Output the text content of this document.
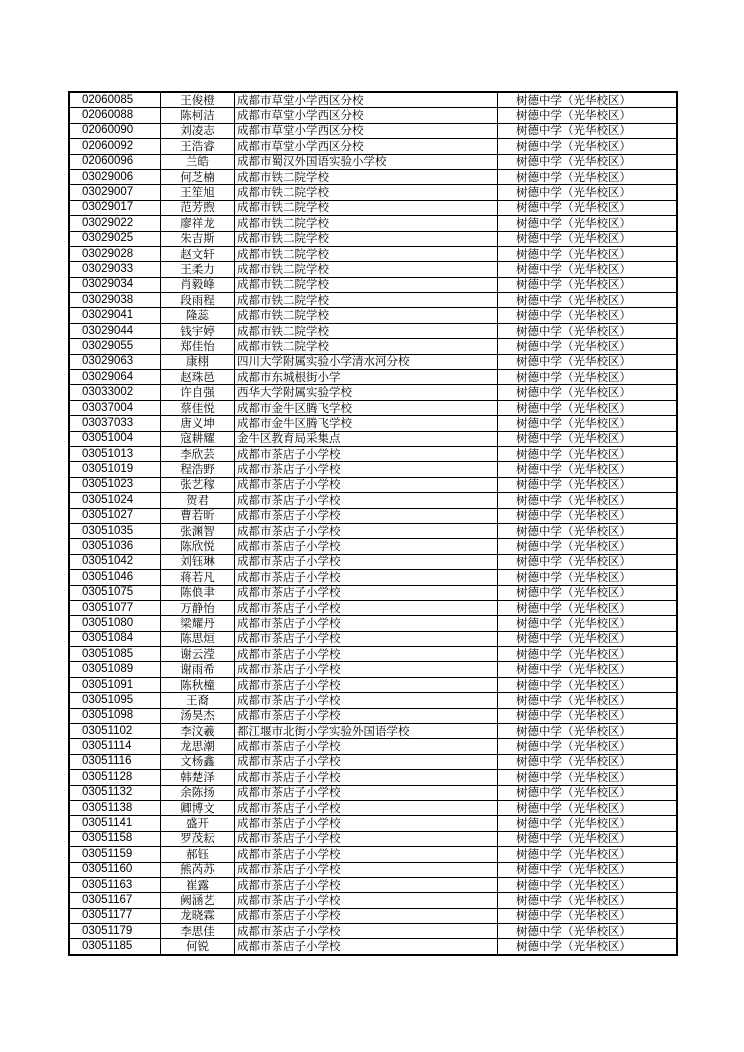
02060085	王俊橙	成都市草堂小学西区分校	树德中学（光华校区）
02060088	陈柯洁	成都市草堂小学西区分校	树德中学（光华校区）
02060090	刘凌志	成都市草堂小学西区分校	树德中学（光华校区）
02060092	王浩睿	成都市草堂小学西区分校	树德中学（光华校区）
02060096	兰皓	成都市蜀汉外国语实验小学校	树德中学（光华校区）
03029006	何芝楠	成都市铁二院学校	树德中学（光华校区）
03029007	王笙旭	成都市铁二院学校	树德中学（光华校区）
03029017	范芳煦	成都市铁二院学校	树德中学（光华校区）
03029022	廖祥龙	成都市铁二院学校	树德中学（光华校区）
03029025	朱吉斯	成都市铁二院学校	树德中学（光华校区）
03029028	赵文轩	成都市铁二院学校	树德中学（光华校区）
03029033	王柔力	成都市铁二院学校	树德中学（光华校区）
03029034	肖毅峰	成都市铁二院学校	树德中学（光华校区）
03029038	段雨程	成都市铁二院学校	树德中学（光华校区）
03029041	隆蕊	成都市铁二院学校	树德中学（光华校区）
03029044	钱宇婷	成都市铁二院学校	树德中学（光华校区）
03029055	郑佳怡	成都市铁二院学校	树德中学（光华校区）
03029063	康栩	四川大学附属实验小学清水河分校	树德中学（光华校区）
03029064	赵珠邑	成都市东城根街小学	树德中学（光华校区）
03033002	许自强	西华大学附属实验学校	树德中学（光华校区）
03037004	蔡佳悦	成都市金牛区腾飞学校	树德中学（光华校区）
03037033	唐义坤	成都市金牛区腾飞学校	树德中学（光华校区）
03051004	寇耕耀	金牛区教育局采集点	树德中学（光华校区）
03051013	李欣芸	成都市茶店子小学校	树德中学（光华校区）
03051019	程浩野	成都市茶店子小学校	树德中学（光华校区）
03051023	张艺稼	成都市茶店子小学校	树德中学（光华校区）
03051024	贺君	成都市茶店子小学校	树德中学（光华校区）
03051027	曹若昕	成都市茶店子小学校	树德中学（光华校区）
03051035	张渊智	成都市茶店子小学校	树德中学（光华校区）
03051036	陈欣悦	成都市茶店子小学校	树德中学（光华校区）
03051042	刘钰琳	成都市茶店子小学校	树德中学（光华校区）
03051046	蒋若凡	成都市茶店子小学校	树德中学（光华校区）
03051075	陈俍聿	成都市茶店子小学校	树德中学（光华校区）
03051077	万静怡	成都市茶店子小学校	树德中学（光华校区）
03051080	梁耀丹	成都市茶店子小学校	树德中学（光华校区）
03051084	陈思烜	成都市茶店子小学校	树德中学（光华校区）
03051085	谢云滢	成都市茶店子小学校	树德中学（光华校区）
03051089	谢雨希	成都市茶店子小学校	树德中学（光华校区）
03051091	陈秋橦	成都市茶店子小学校	树德中学（光华校区）
03051095	王裔	成都市茶店子小学校	树德中学（光华校区）
03051098	汤昊杰	成都市茶店子小学校	树德中学（光华校区）
03051102	李汶羲	都江堰市北街小学实验外国语学校	树德中学（光华校区）
03051114	龙思潮	成都市茶店子小学校	树德中学（光华校区）
03051116	文杨鑫	成都市茶店子小学校	树德中学（光华校区）
03051128	韩楚泽	成都市茶店子小学校	树德中学（光华校区）
03051132	余陈扬	成都市茶店子小学校	树德中学（光华校区）
03051138	卿博文	成都市茶店子小学校	树德中学（光华校区）
03051141	盛开	成都市茶店子小学校	树德中学（光华校区）
03051158	罗茂耘	成都市茶店子小学校	树德中学（光华校区）
03051159	郝钰	成都市茶店子小学校	树德中学（光华校区）
03051160	熊芮苏	成都市茶店子小学校	树德中学（光华校区）
03051163	崔露	成都市茶店子小学校	树德中学（光华校区）
03051167	阙涵艺	成都市茶店子小学校	树德中学（光华校区）
03051177	龙晓霖	成都市茶店子小学校	树德中学（光华校区）
03051179	李思佳	成都市茶店子小学校	树德中学（光华校区）
03051185	何锐	成都市茶店子小学校	树德中学（光华校区）
